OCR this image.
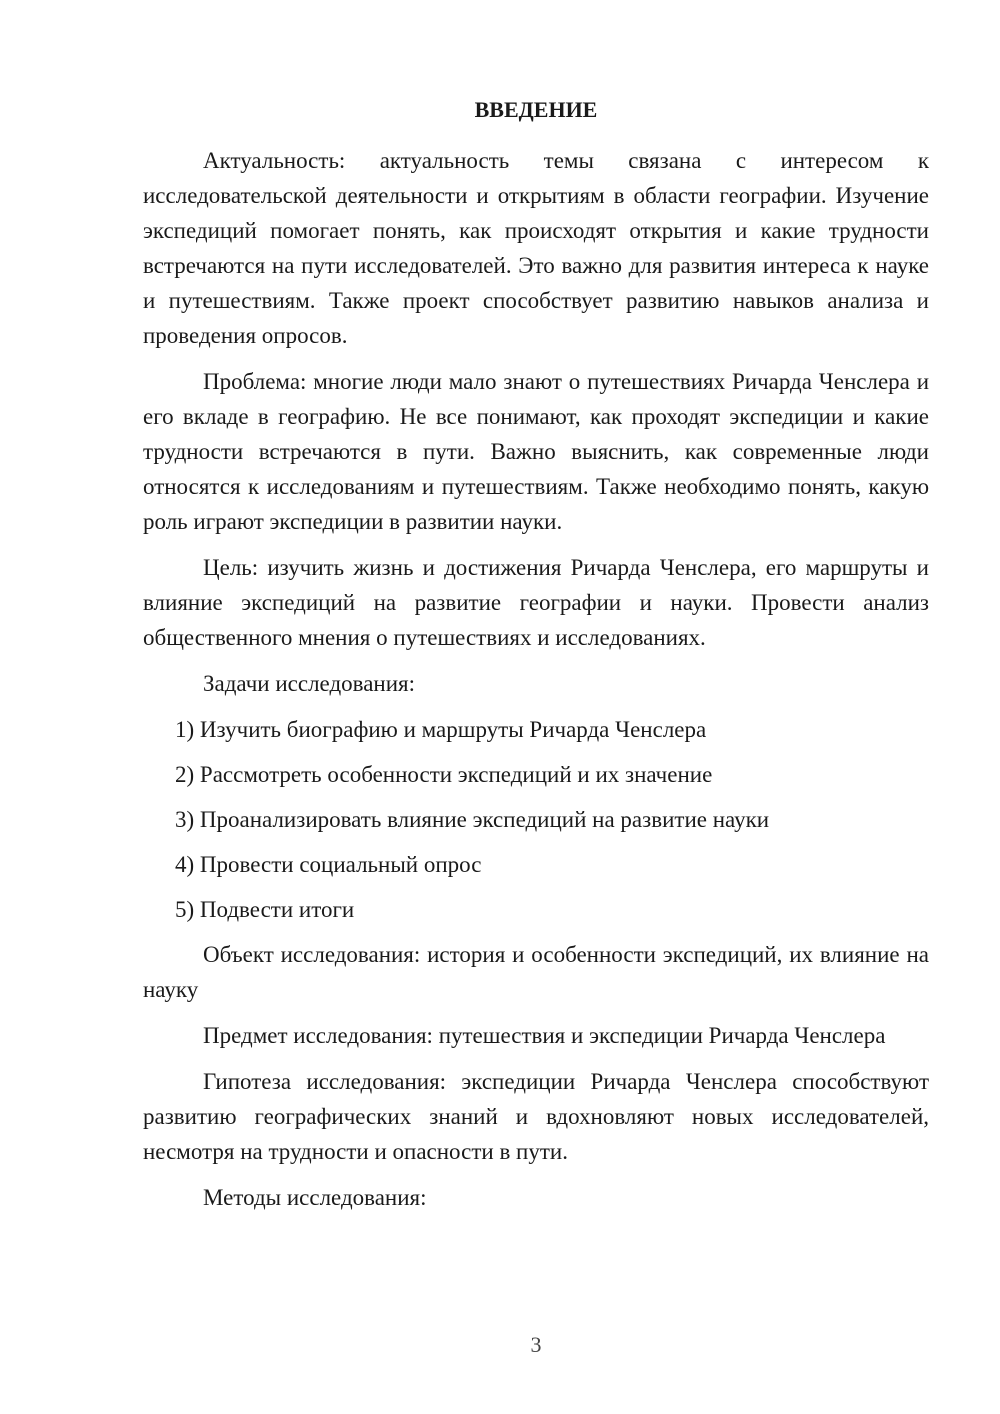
ВВЕДЕНИЕ

Актуальность: актуальность темы связана с интересом к исследовательской деятельности и открытиям в области географии. Изучение экспедиций помогает понять, как происходят открытия и какие трудности встречаются на пути исследователей. Это важно для развития интереса к науке и путешествиям. Также проект способствует развитию навыков анализа и проведения опросов.

Проблема: многие люди мало знают о путешествиях Ричарда Ченслера и его вкладе в географию. Не все понимают, как проходят экспедиции и какие трудности встречаются в пути. Важно выяснить, как современные люди относятся к исследованиям и путешествиям. Также необходимо понять, какую роль играют экспедиции в развитии науки.

Цель: изучить жизнь и достижения Ричарда Ченслера, его маршруты и влияние экспедиций на развитие географии и науки. Провести анализ общественного мнения о путешествиях и исследованиях.

Задачи исследования:

1) Изучить биографию и маршруты Ричарда Ченслера

2) Рассмотреть особенности экспедиций и их значение

3) Проанализировать влияние экспедиций на развитие науки

4) Провести социальный опрос

5) Подвести итоги

Объект исследования: история и особенности экспедиций, их влияние на науку

Предмет исследования: путешествия и экспедиции Ричарда Ченслера

Гипотеза исследования: экспедиции Ричарда Ченслера способствуют развитию географических знаний и вдохновляют новых исследователей, несмотря на трудности и опасности в пути.

Методы исследования:

3
